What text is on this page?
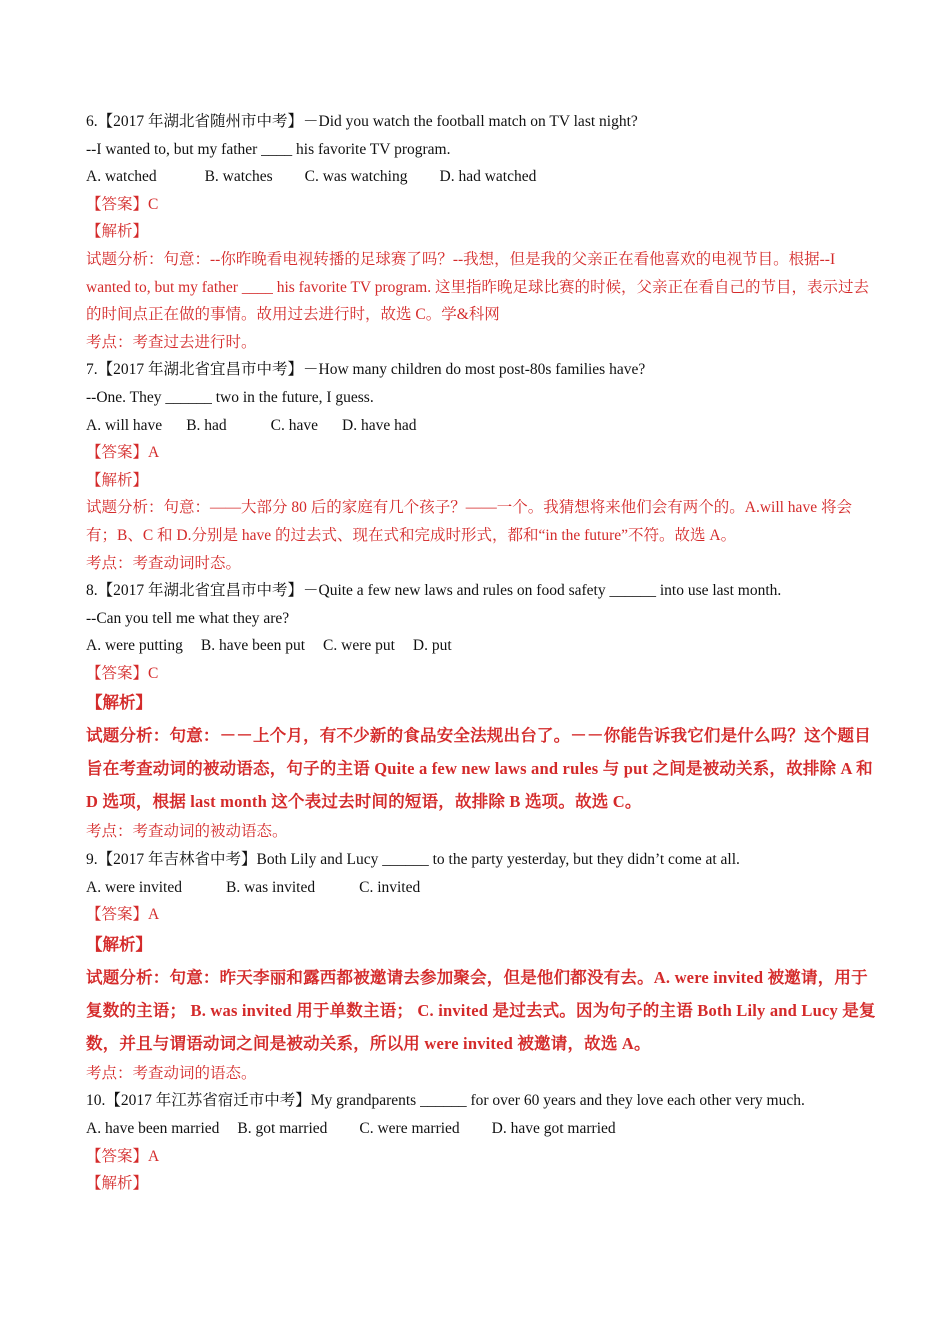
6.【2017 年湖北省随州市中考】－Did you watch the football match on TV last night?
--I wanted to, but my father ____ his favorite TV program.
A. watched	B. watches C. was watching D. had watched
【答案】C
【解析】
试题分析：句意：--你昨晚看电视转播的足球赛了吗？--我想，但是我的父亲正在看他喜欢的电视节目。根据--I wanted to, but my father ____ his favorite TV program. 这里指昨晚足球比赛的时候，父亲正在看自己的节目，表示过去的时间点正在做的事情。故用过去进行时，故选 C。学&科网
考点：考查过去进行时。
7.【2017 年湖北省宜昌市中考】－How many children do most post-80s families have?
--One. They ______ two in the future, I guess.
A. will have B. had	C. have D. have had
【答案】A
【解析】
试题分析：句意：——大部分 80 后的家庭有几个孩子？——一个。我猜想将来他们会有两个的。A.will have 将会有；B、C 和 D.分别是 have 的过去式、现在式和完成时形式，都和“in the future”不符。故选 A。
考点：考查动词时态。
8.【2017 年湖北省宜昌市中考】－Quite a few new laws and rules on food safety ______ into use last month.
--Can you tell me what they are?
A. were putting B. have been put C. were put D. put
【答案】C
【解析】
试题分析：句意：－－上个月，有不少新的食品安全法规出台了。－－你能告诉我它们是什么吗？这个题目旨在考查动词的被动语态，句子的主语 Quite a few new laws and rules 与 put 之间是被动关系，故排除 A 和 D 选项，根据 last month 这个表过去时间的短语，故排除 B 选项。故选 C。
考点：考查动词的被动语态。
9.【2017 年吉林省中考】Both Lily and Lucy ______ to the party yesterday, but they didn’t come at all.
A. were invited	B. was invited	C. invited
【答案】A
【解析】
试题分析：句意：昨天李丽和露西都被邀请去参加聚会，但是他们都没有去。A. were invited 被邀请，用于复数的主语； B. was invited 用于单数主语； C. invited 是过去式。因为句子的主语 Both Lily and Lucy 是复数，并且与谓语动词之间是被动关系，所以用 were invited 被邀请，故选 A。
考点：考查动词的语态。
10.【2017 年江苏省宿迁市中考】My grandparents ______ for over 60 years and they love each other very much.
A. have been married B. got married C. were married D. have got married
【答案】A
【解析】
